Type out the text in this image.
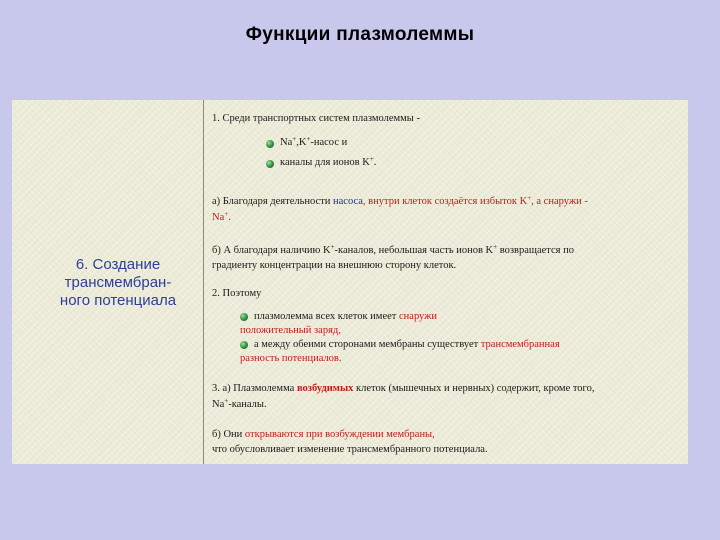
Функции плазмолеммы
6. Создание
трансмембран-
ного потенциала
1. Среди транспортных систем плазмолеммы -
Na+,K+-насос и
каналы для ионов K+.
а) Благодаря деятельности насоса, внутри клеток создаётся избыток K+, а снаружи -
Na+.
б) А благодаря наличию K+-каналов, небольшая часть ионов K+ возвращается по
градиенту концентрации на внешнюю сторону клеток.
2. Поэтому
плазмолемма всех клеток имеет снаружи
положительный заряд,
а между обеими сторонами мембраны существует трансмембранная
разность потенциалов.
3. а) Плазмолемма возбудимых клеток (мышечных и нервных) содержит, кроме того,
Na+-каналы.
б) Они открываются при возбуждении мембраны,
что обусловливает изменение трансмембранного потенциала.
